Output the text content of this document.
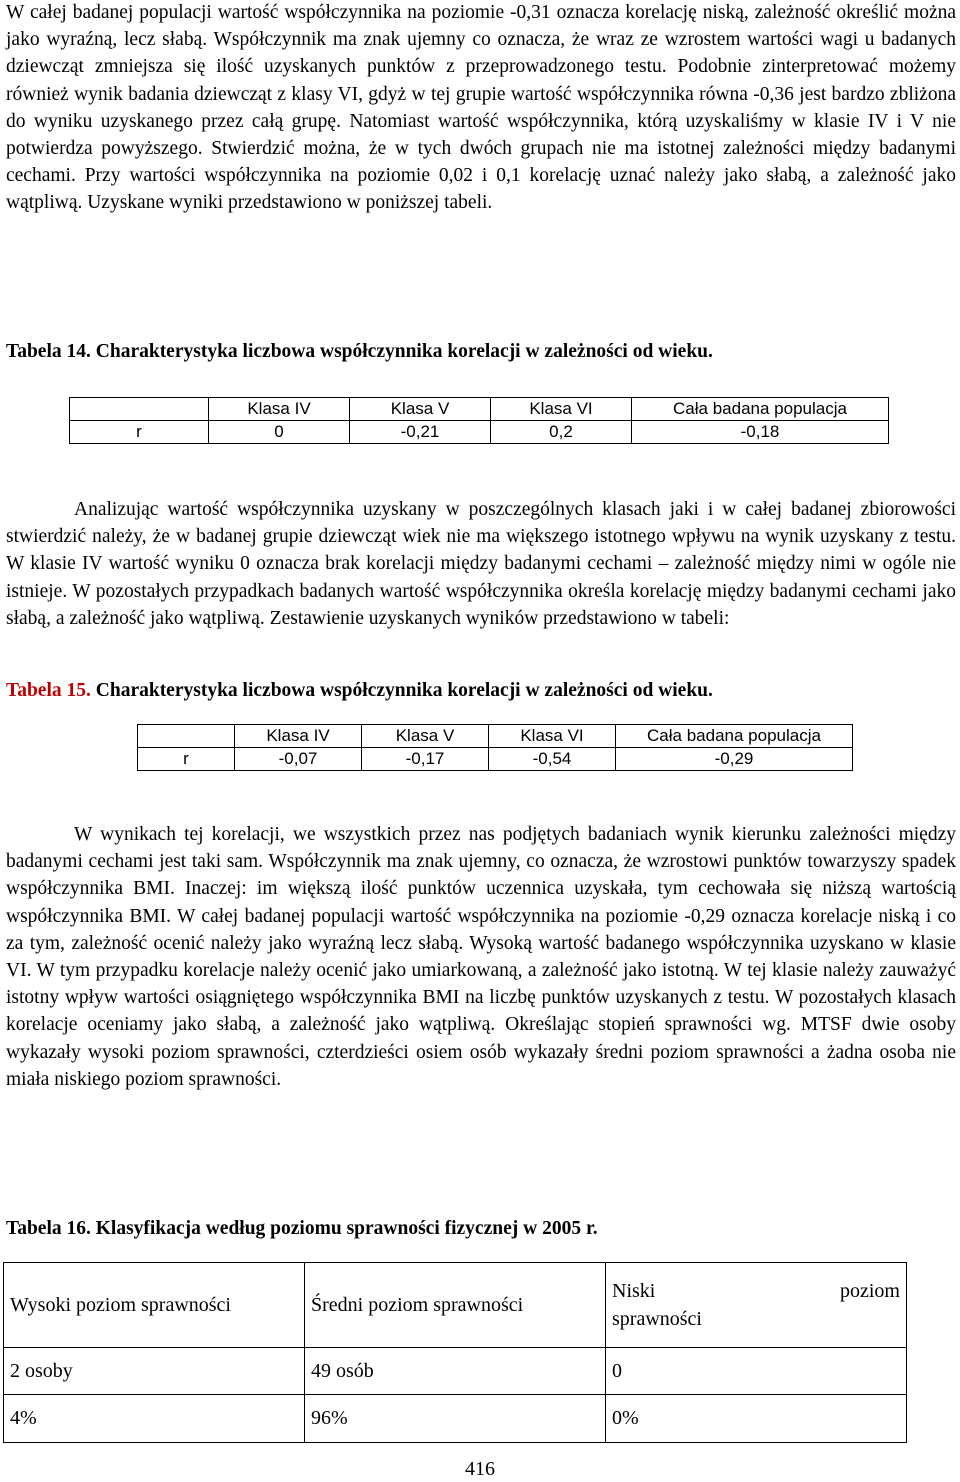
W całej badanej populacji wartość współczynnika na poziomie -0,31 oznacza korelację niską, zależność określić można jako wyraźną, lecz słabą. Współczynnik ma znak ujemny co oznacza, że wraz ze wzrostem wartości wagi u badanych dziewcząt zmniejsza się ilość uzyskanych punktów z przeprowadzonego testu. Podobnie zinterpretować możemy również wynik badania dziewcząt z klasy VI, gdyż w tej grupie wartość współczynnika równa -0,36 jest bardzo zbliżona do wyniku uzyskanego przez całą grupę. Natomiast wartość współczynnika, którą uzyskaliśmy w klasie IV i V nie potwierdza powyższego. Stwierdzić można, że w tych dwóch grupach nie ma istotnej zależności między badanymi cechami. Przy wartości współczynnika na poziomie 0,02 i 0,1 korelację uznać należy jako słabą, a zależność jako wątpliwą. Uzyskane wyniki przedstawiono w poniższej tabeli.

Tabela 14. Charakterystyka liczbowa współczynnika korelacji w zależności od wieku.

	Klasa IV	Klasa V	Klasa VI	Cała badana populacja
r	0	-0,21	0,2	-0,18

Analizując wartość współczynnika uzyskany w poszczególnych klasach jaki i w całej badanej zbiorowości stwierdzić należy, że w badanej grupie dziewcząt wiek nie ma większego istotnego wpływu na wynik uzyskany z testu. W klasie IV wartość wyniku 0 oznacza brak korelacji między badanymi cechami – zależność między nimi w ogóle nie istnieje. W pozostałych przypadkach badanych wartość współczynnika określa korelację między badanymi cechami jako słabą, a zależność jako wątpliwą. Zestawienie uzyskanych wyników przedstawiono w tabeli:

Tabela 15. Charakterystyka liczbowa współczynnika korelacji w zależności od wieku.

	Klasa IV	Klasa V	Klasa VI	Cała badana populacja
r	-0,07	-0,17	-0,54	-0,29

W wynikach tej korelacji, we wszystkich przez nas podjętych badaniach wynik kierunku zależności między badanymi cechami jest taki sam. Współczynnik ma znak ujemny, co oznacza, że wzrostowi punktów towarzyszy spadek współczynnika BMI. Inaczej: im większą ilość punktów uczennica uzyskała, tym cechowała się niższą wartością współczynnika BMI. W całej badanej populacji wartość współczynnika na poziomie -0,29 oznacza korelacje niską i co za tym, zależność ocenić należy jako wyraźną lecz słabą. Wysoką wartość badanego współczynnika uzyskano w klasie VI. W tym przypadku korelacje należy ocenić jako umiarkowaną, a zależność jako istotną. W tej klasie należy zauważyć istotny wpływ wartości osiągniętego współczynnika BMI na liczbę punktów uzyskanych z testu. W pozostałych klasach korelacje oceniamy jako słabą, a zależność jako wątpliwą. Określając stopień sprawności wg. MTSF dwie osoby wykazały wysoki poziom sprawności, czterdzieści osiem osób wykazały średni poziom sprawności a żadna osoba nie miała niskiego poziom sprawności.

Tabela 16. Klasyfikacja według poziomu sprawności fizycznej w 2005 r.

Wysoki poziom sprawności	Średni poziom sprawności	Niski poziom
sprawności

2 osoby	49 osób	0
4%	96%	0%
416
